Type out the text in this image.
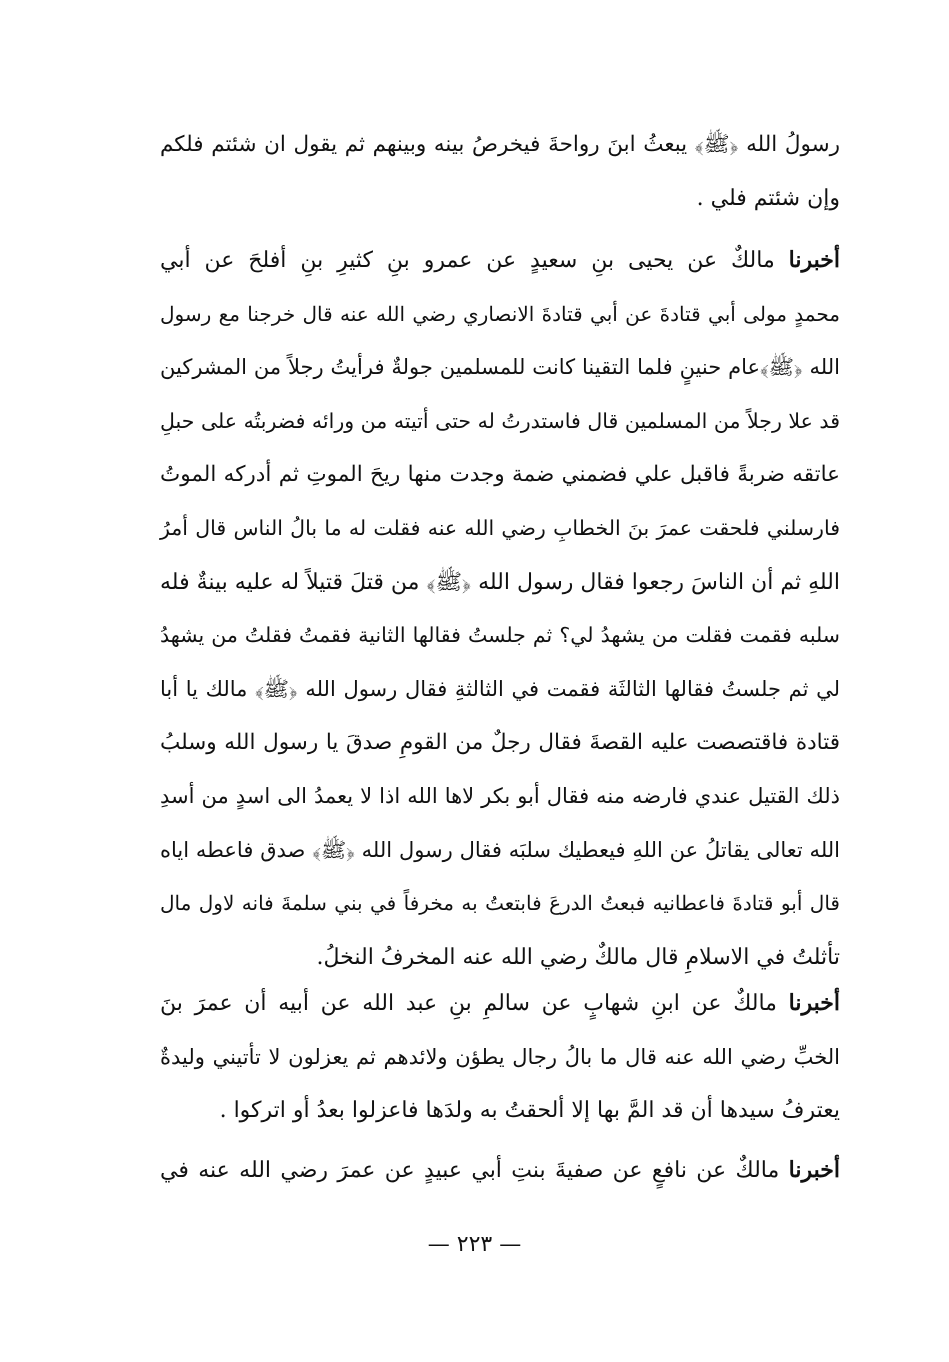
رسولُ الله ﴿ﷺ﴾ يبعثُ ابنَ رواحةَ فيخرصُ بينه وبينهم ثم يقول ان شئتم فلكم
وإن شئتم فلي .
أخبرنا مالكٌ عن يحيى بنِ سعيدٍ عن عمرو بنِ كثيرِ بنِ أفلحَ عن أبي
محمدٍ مولى أبي قتادةَ عن أبي قتادةَ الانصاري رضي الله عنه قال خرجنا مع رسول
الله ﴿ﷺ﴾عام حنينٍ فلما التقينا كانت للمسلمين جولةٌ فرأيتُ رجلاً من المشركين
قد علا رجلاً من المسلمين قال فاستدرتُ له حتى أتيته من ورائه فضربتُه على حبلِ
عاتقه ضربةً فاقبل علي فضمني ضمة وجدت منها ريحَ الموتِ ثم أدركه الموتُ
فارسلني فلحقت عمرَ بنَ الخطابِ رضي الله عنه فقلت له ما بالُ الناس قال أمرُ
اللهِ ثم أن الناسَ رجعوا فقال رسول الله ﴿ﷺ﴾ من قتلَ قتيلاً له عليه بينةٌ فله
سلبه فقمت فقلت من يشهدُ لي؟ ثم جلستُ فقالها الثانية فقمتُ فقلتُ من يشهدُ
لي ثم جلستُ فقالها الثالثَة فقمت في الثالثةِ فقال رسول الله ﴿ﷺ﴾ مالك يا أبا
قتادة فاقتصصت عليه القصةَ فقال رجلٌ من القومِ صدقَ يا رسول الله وسلبُ
ذلك القتيل عندي فارضه منه فقال أبو بكر لاها الله اذا لا يعمدُ الى اسدٍ من أسدِ
الله تعالى يقاتلُ عن اللهِ فيعطيك سلبَه فقال رسول الله ﴿ﷺ﴾ صدق فاعطه اياه
قال أبو قتادةَ فاعطانيه فبعتُ الدرعَ فابتعتُ به مخرفاً في بني سلمةَ فانه لاول مال
تأثلتُ في الاسلامِ قال مالكٌ رضي الله عنه المخرفُ النخلُ.
أخبرنا مالكٌ عن ابنِ شهابٍ عن سالمِ بنِ عبد الله عن أبيه أن عمرَ بنَ
الخبِّ رضي الله عنه قال ما بالُ رجال يطؤن ولائدهم ثم يعزلون لا تأتيني وليدةٌ
يعترفُ سيدها أن قد المَّ بها إلا ألحقتُ به ولدَها فاعزلوا بعدُ أو اتركوا .
أخبرنا مالكٌ عن نافعٍ عن صفيةَ بنتِ أبي عبيدٍ عن عمرَ رضي الله عنه في
— ٢٢٣ —
